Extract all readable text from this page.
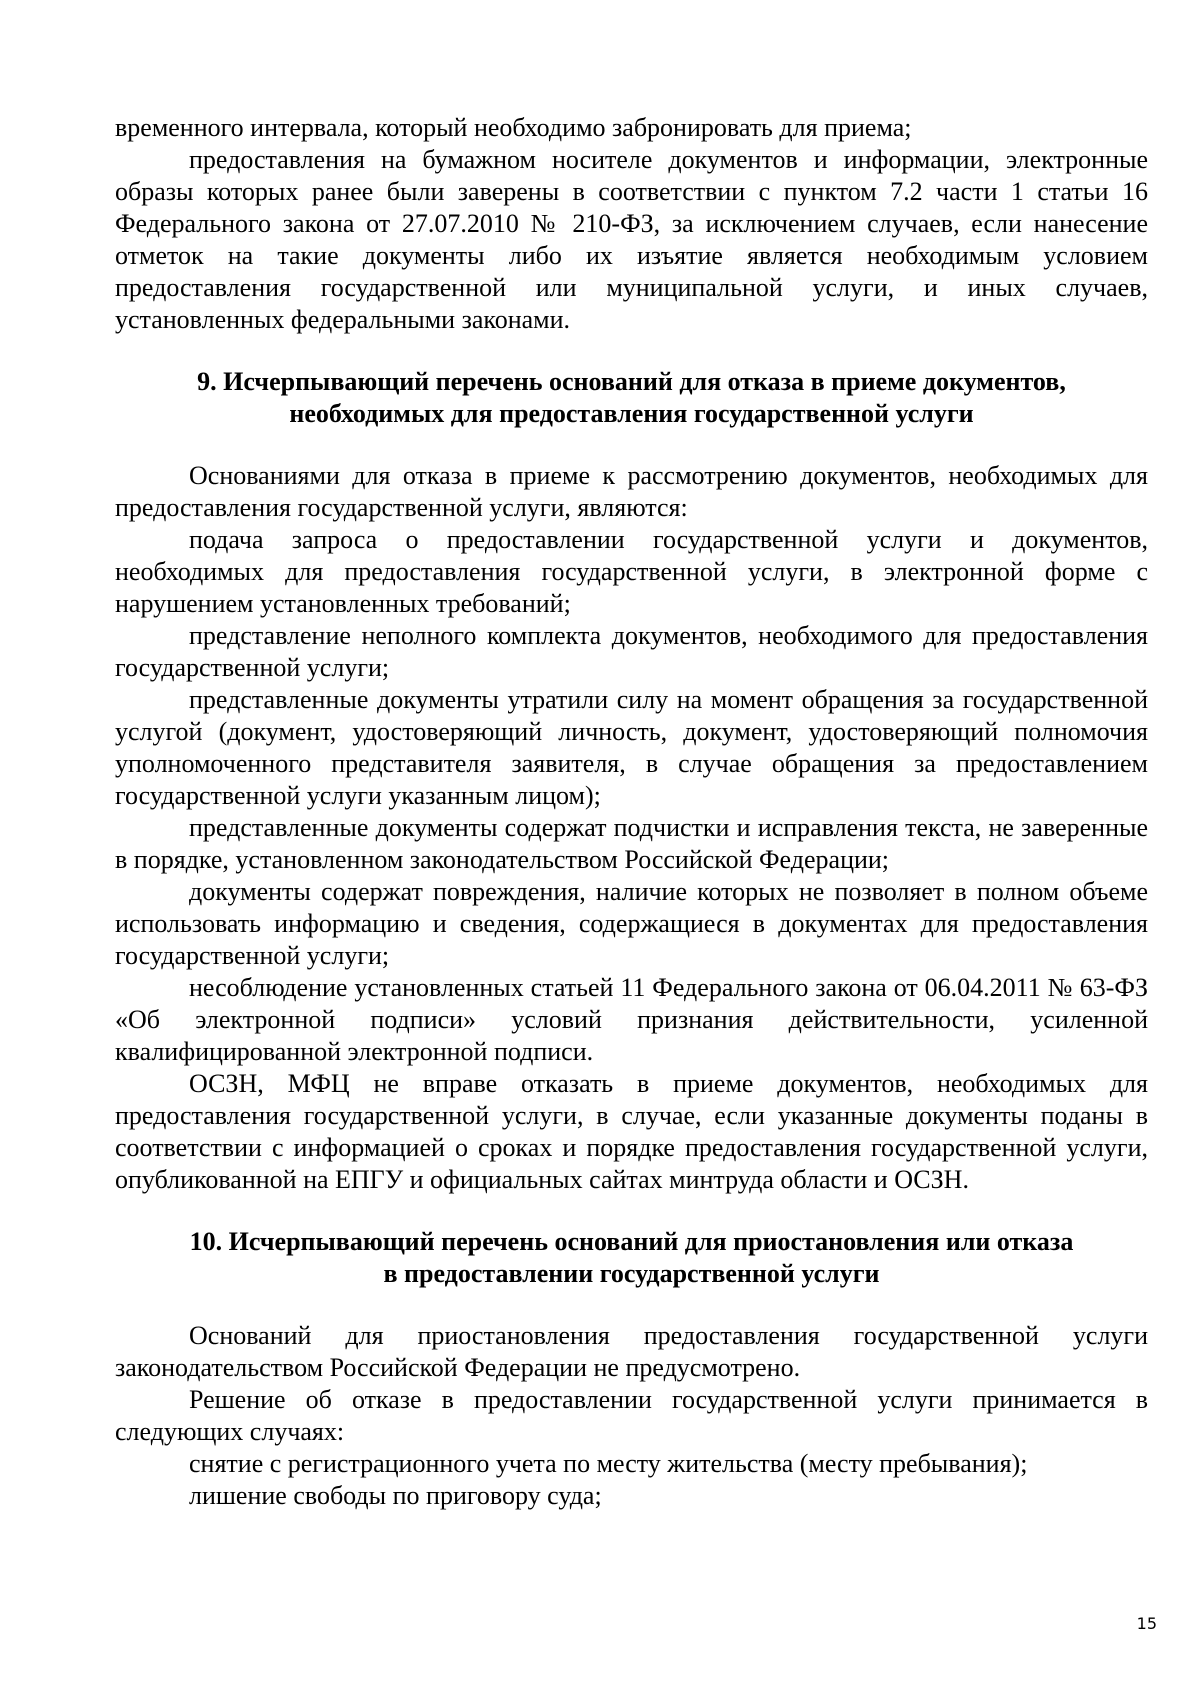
временного интервала, который необходимо забронировать для приема;

предоставления на бумажном носителе документов и информации, электронные образы которых ранее были заверены в соответствии с пунктом 7.2 части 1 статьи 16 Федерального закона от 27.07.2010 № 210-ФЗ, за исключением случаев, если нанесение отметок на такие документы либо их изъятие является необходимым условием предоставления государственной или муниципальной услуги, и иных случаев, установленных федеральными законами.

9. Исчерпывающий перечень оснований для отказа в приеме документов,
необходимых для предоставления государственной услуги

Основаниями для отказа в приеме к рассмотрению документов, необходимых для предоставления государственной услуги, являются:

подача запроса о предоставлении государственной услуги и документов, необходимых для предоставления государственной услуги, в электронной форме с нарушением установленных требований;

представление неполного комплекта документов, необходимого для предоставления государственной услуги;

представленные документы утратили силу на момент обращения за государственной услугой (документ, удостоверяющий личность, документ, удостоверяющий полномочия уполномоченного представителя заявителя, в случае обращения за предоставлением государственной услуги указанным лицом);

представленные документы содержат подчистки и исправления текста, не заверенные в порядке, установленном законодательством Российской Федерации;

документы содержат повреждения, наличие которых не позволяет в полном объеме использовать информацию и сведения, содержащиеся в документах для предоставления государственной услуги;

несоблюдение установленных статьей 11 Федерального закона от 06.04.2011 № 63-ФЗ «Об электронной подписи» условий признания действительности, усиленной квалифицированной электронной подписи.

ОСЗН, МФЦ не вправе отказать в приеме документов, необходимых для предоставления государственной услуги, в случае, если указанные документы поданы в соответствии с информацией о сроках и порядке предоставления государственной услуги, опубликованной на ЕПГУ и официальных сайтах минтруда области и ОСЗН.

10. Исчерпывающий перечень оснований для приостановления или отказа
в предоставлении государственной услуги

Оснований для приостановления предоставления государственной услуги законодательством Российской Федерации не предусмотрено.

Решение об отказе в предоставлении государственной услуги принимается в следующих случаях:

снятие с регистрационного учета по месту жительства (месту пребывания);

лишение свободы по приговору суда;

15
